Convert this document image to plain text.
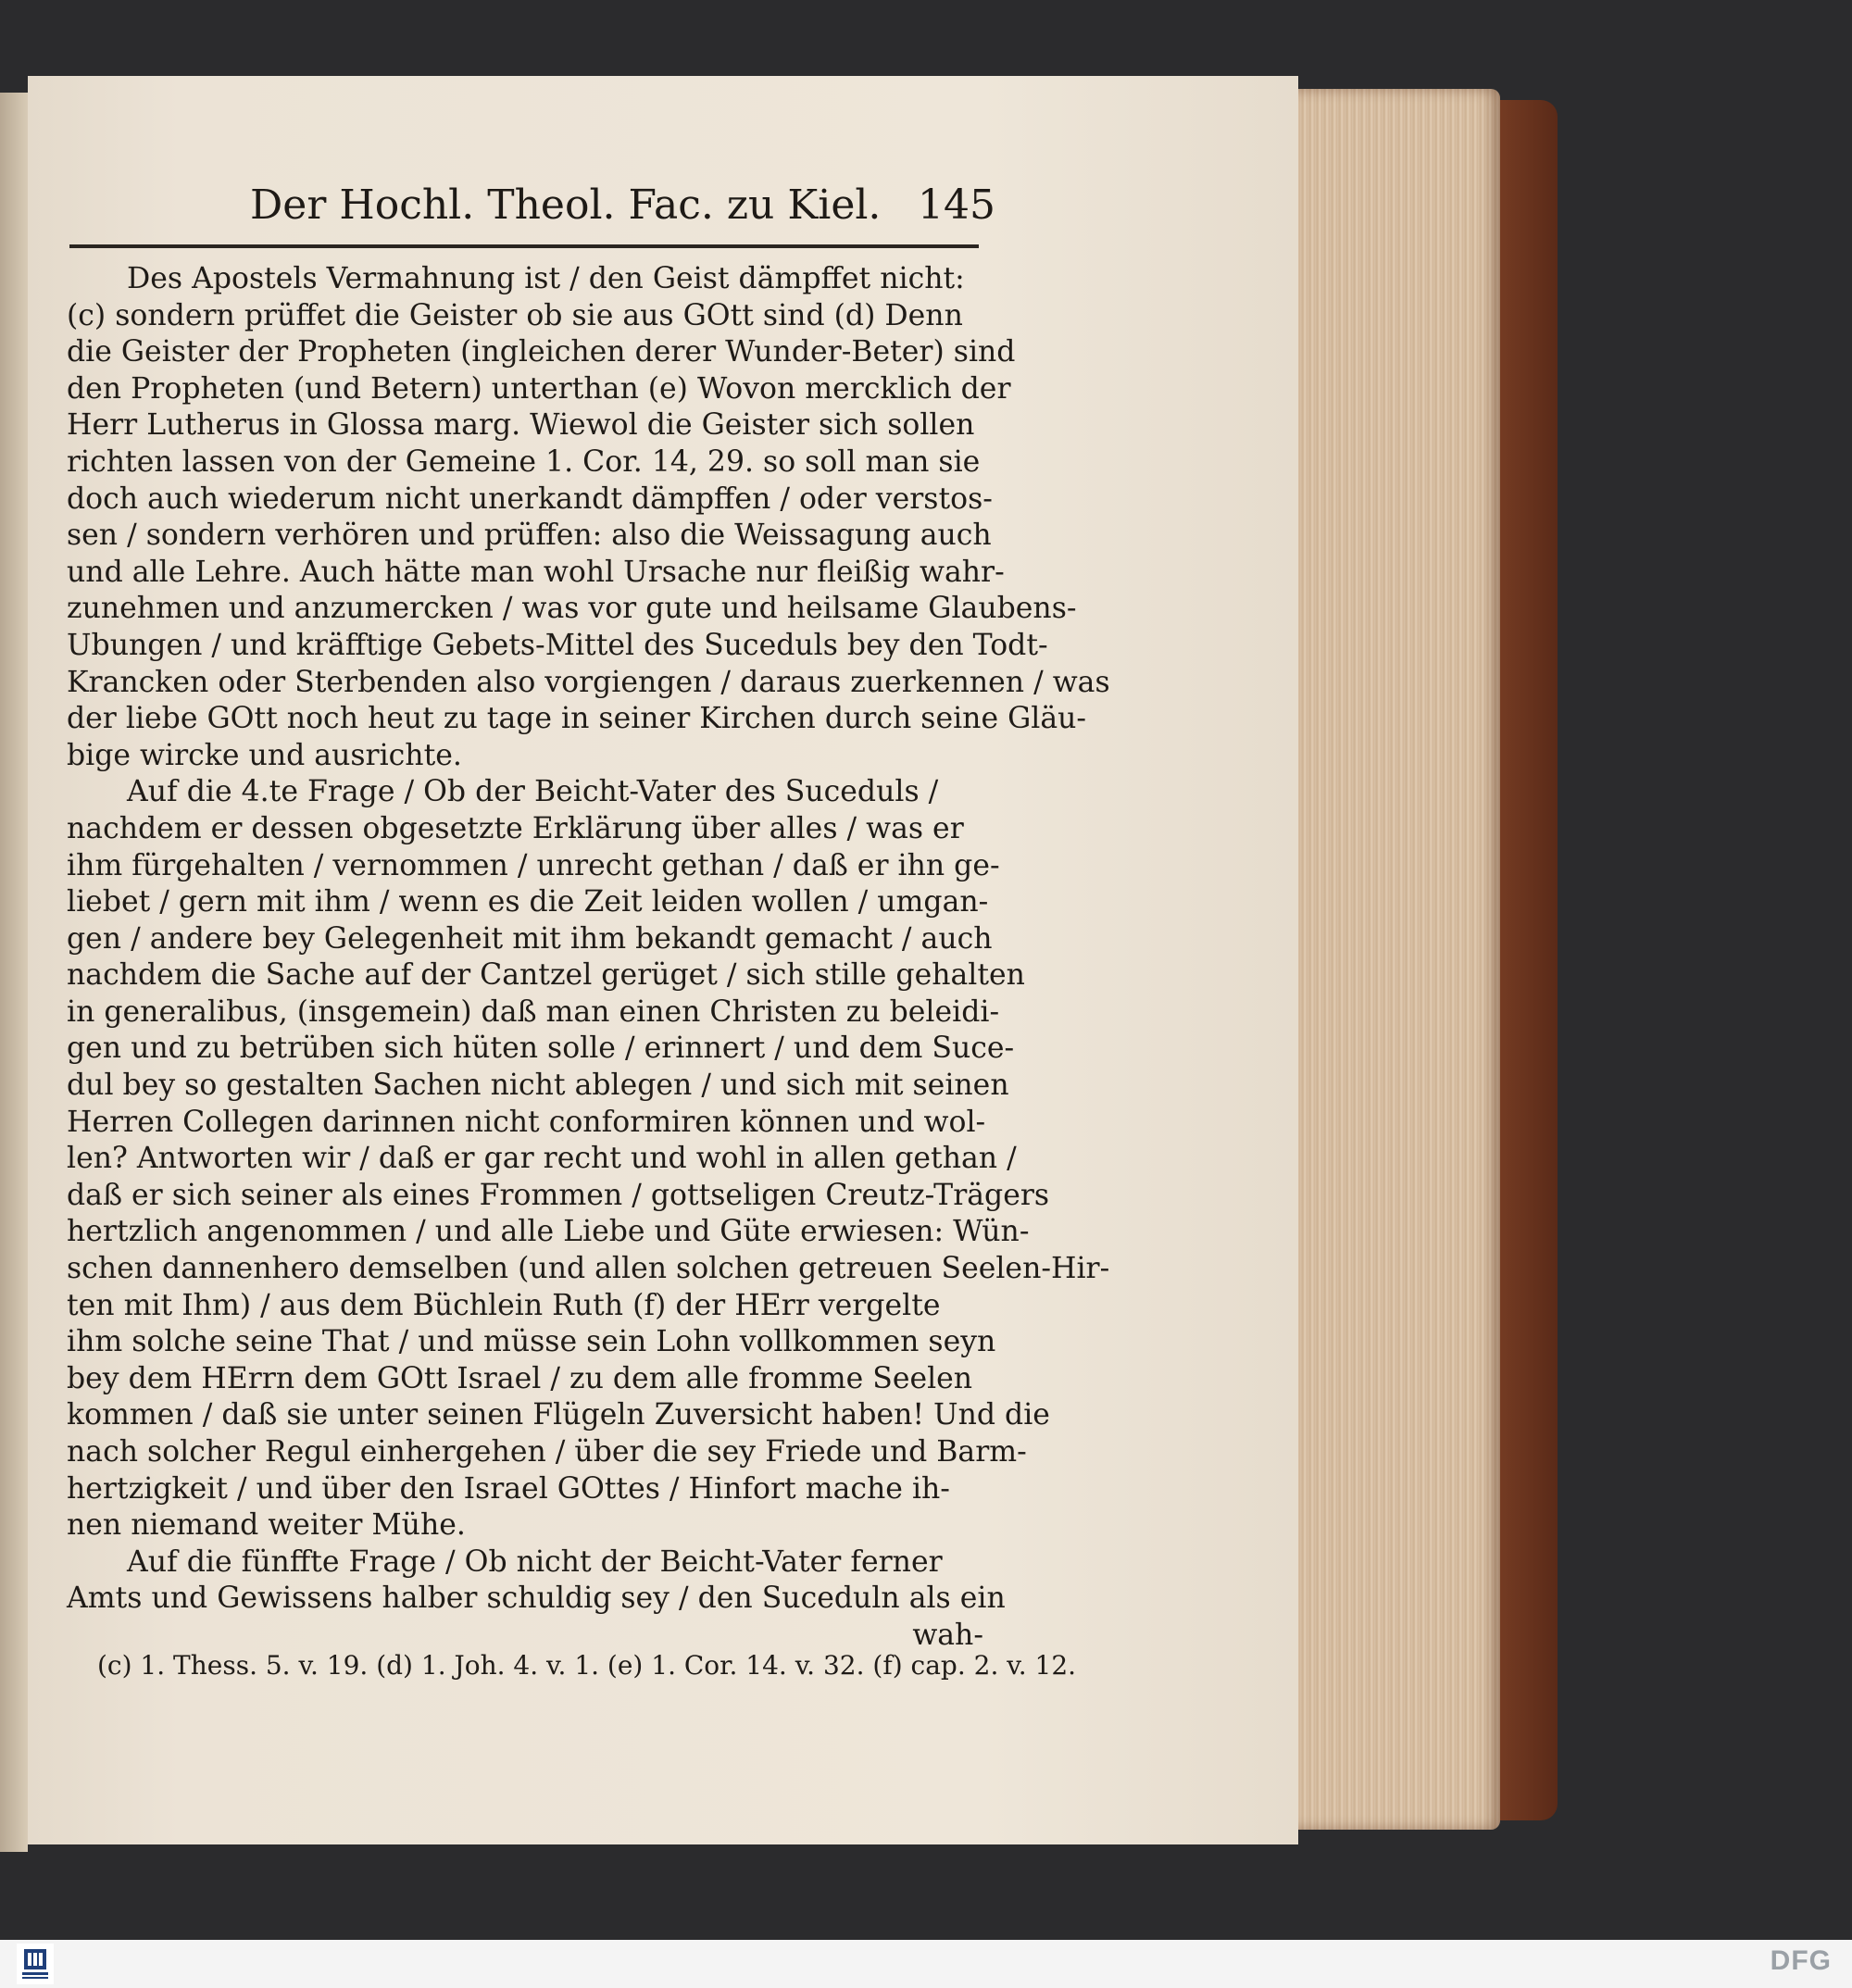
Der Hochl. Theol. Fac. zu Kiel. 145
Des Apostels Vermahnung ist / den Geist dämpffet nicht:
(c) sondern prüffet die Geister ob sie aus GOtt sind (d) Denn
die Geister der Propheten (ingleichen derer Wunder-Beter) sind
den Propheten (und Betern) unterthan (e) Wovon mercklich der
Herr Lutherus in Glossa marg. Wiewol die Geister sich sollen
richten lassen von der Gemeine 1. Cor. 14, 29. so soll man sie
doch auch wiederum nicht unerkandt dämpffen / oder verstos-
sen / sondern verhören und prüffen: also die Weissagung auch
und alle Lehre. Auch hätte man wohl Ursache nur fleißig wahr-
zunehmen und anzumercken / was vor gute und heilsame Glaubens-
Ubungen / und kräfftige Gebets-Mittel des Suceduls bey den Todt-
Krancken oder Sterbenden also vorgiengen / daraus zuerkennen / was
der liebe GOtt noch heut zu tage in seiner Kirchen durch seine Gläu-
bige wircke und ausrichte.
Auf die 4.te Frage / Ob der Beicht-Vater des Suceduls /
nachdem er dessen obgesetzte Erklärung über alles / was er
ihm fürgehalten / vernommen / unrecht gethan / daß er ihn ge-
liebet / gern mit ihm / wenn es die Zeit leiden wollen / umgan-
gen / andere bey Gelegenheit mit ihm bekandt gemacht / auch
nachdem die Sache auf der Cantzel gerüget / sich stille gehalten
in generalibus, (insgemein) daß man einen Christen zu beleidi-
gen und zu betrüben sich hüten solle / erinnert / und dem Suce-
dul bey so gestalten Sachen nicht ablegen / und sich mit seinen
Herren Collegen darinnen nicht conformiren können und wol-
len? Antworten wir / daß er gar recht und wohl in allen gethan /
daß er sich seiner als eines Frommen / gottseligen Creutz-Trägers
hertzlich angenommen / und alle Liebe und Güte erwiesen: Wün-
schen dannenhero demselben (und allen solchen getreuen Seelen-Hir-
ten mit Ihm) / aus dem Büchlein Ruth (f) der HErr vergelte
ihm solche seine That / und müsse sein Lohn vollkommen seyn
bey dem HErrn dem GOtt Israel / zu dem alle fromme Seelen
kommen / daß sie unter seinen Flügeln Zuversicht haben! Und die
nach solcher Regul einhergehen / über die sey Friede und Barm-
hertzigkeit / und über den Israel GOttes / Hinfort mache ih-
nen niemand weiter Mühe.
Auf die fünffte Frage / Ob nicht der Beicht-Vater ferner
Amts und Gewissens halber schuldig sey / den Suceduln als ein
wah-
(c) 1. Thess. 5. v. 19. (d) 1. Joh. 4. v. 1. (e) 1. Cor. 14. v. 32. (f) cap. 2. v. 12.
DFG
